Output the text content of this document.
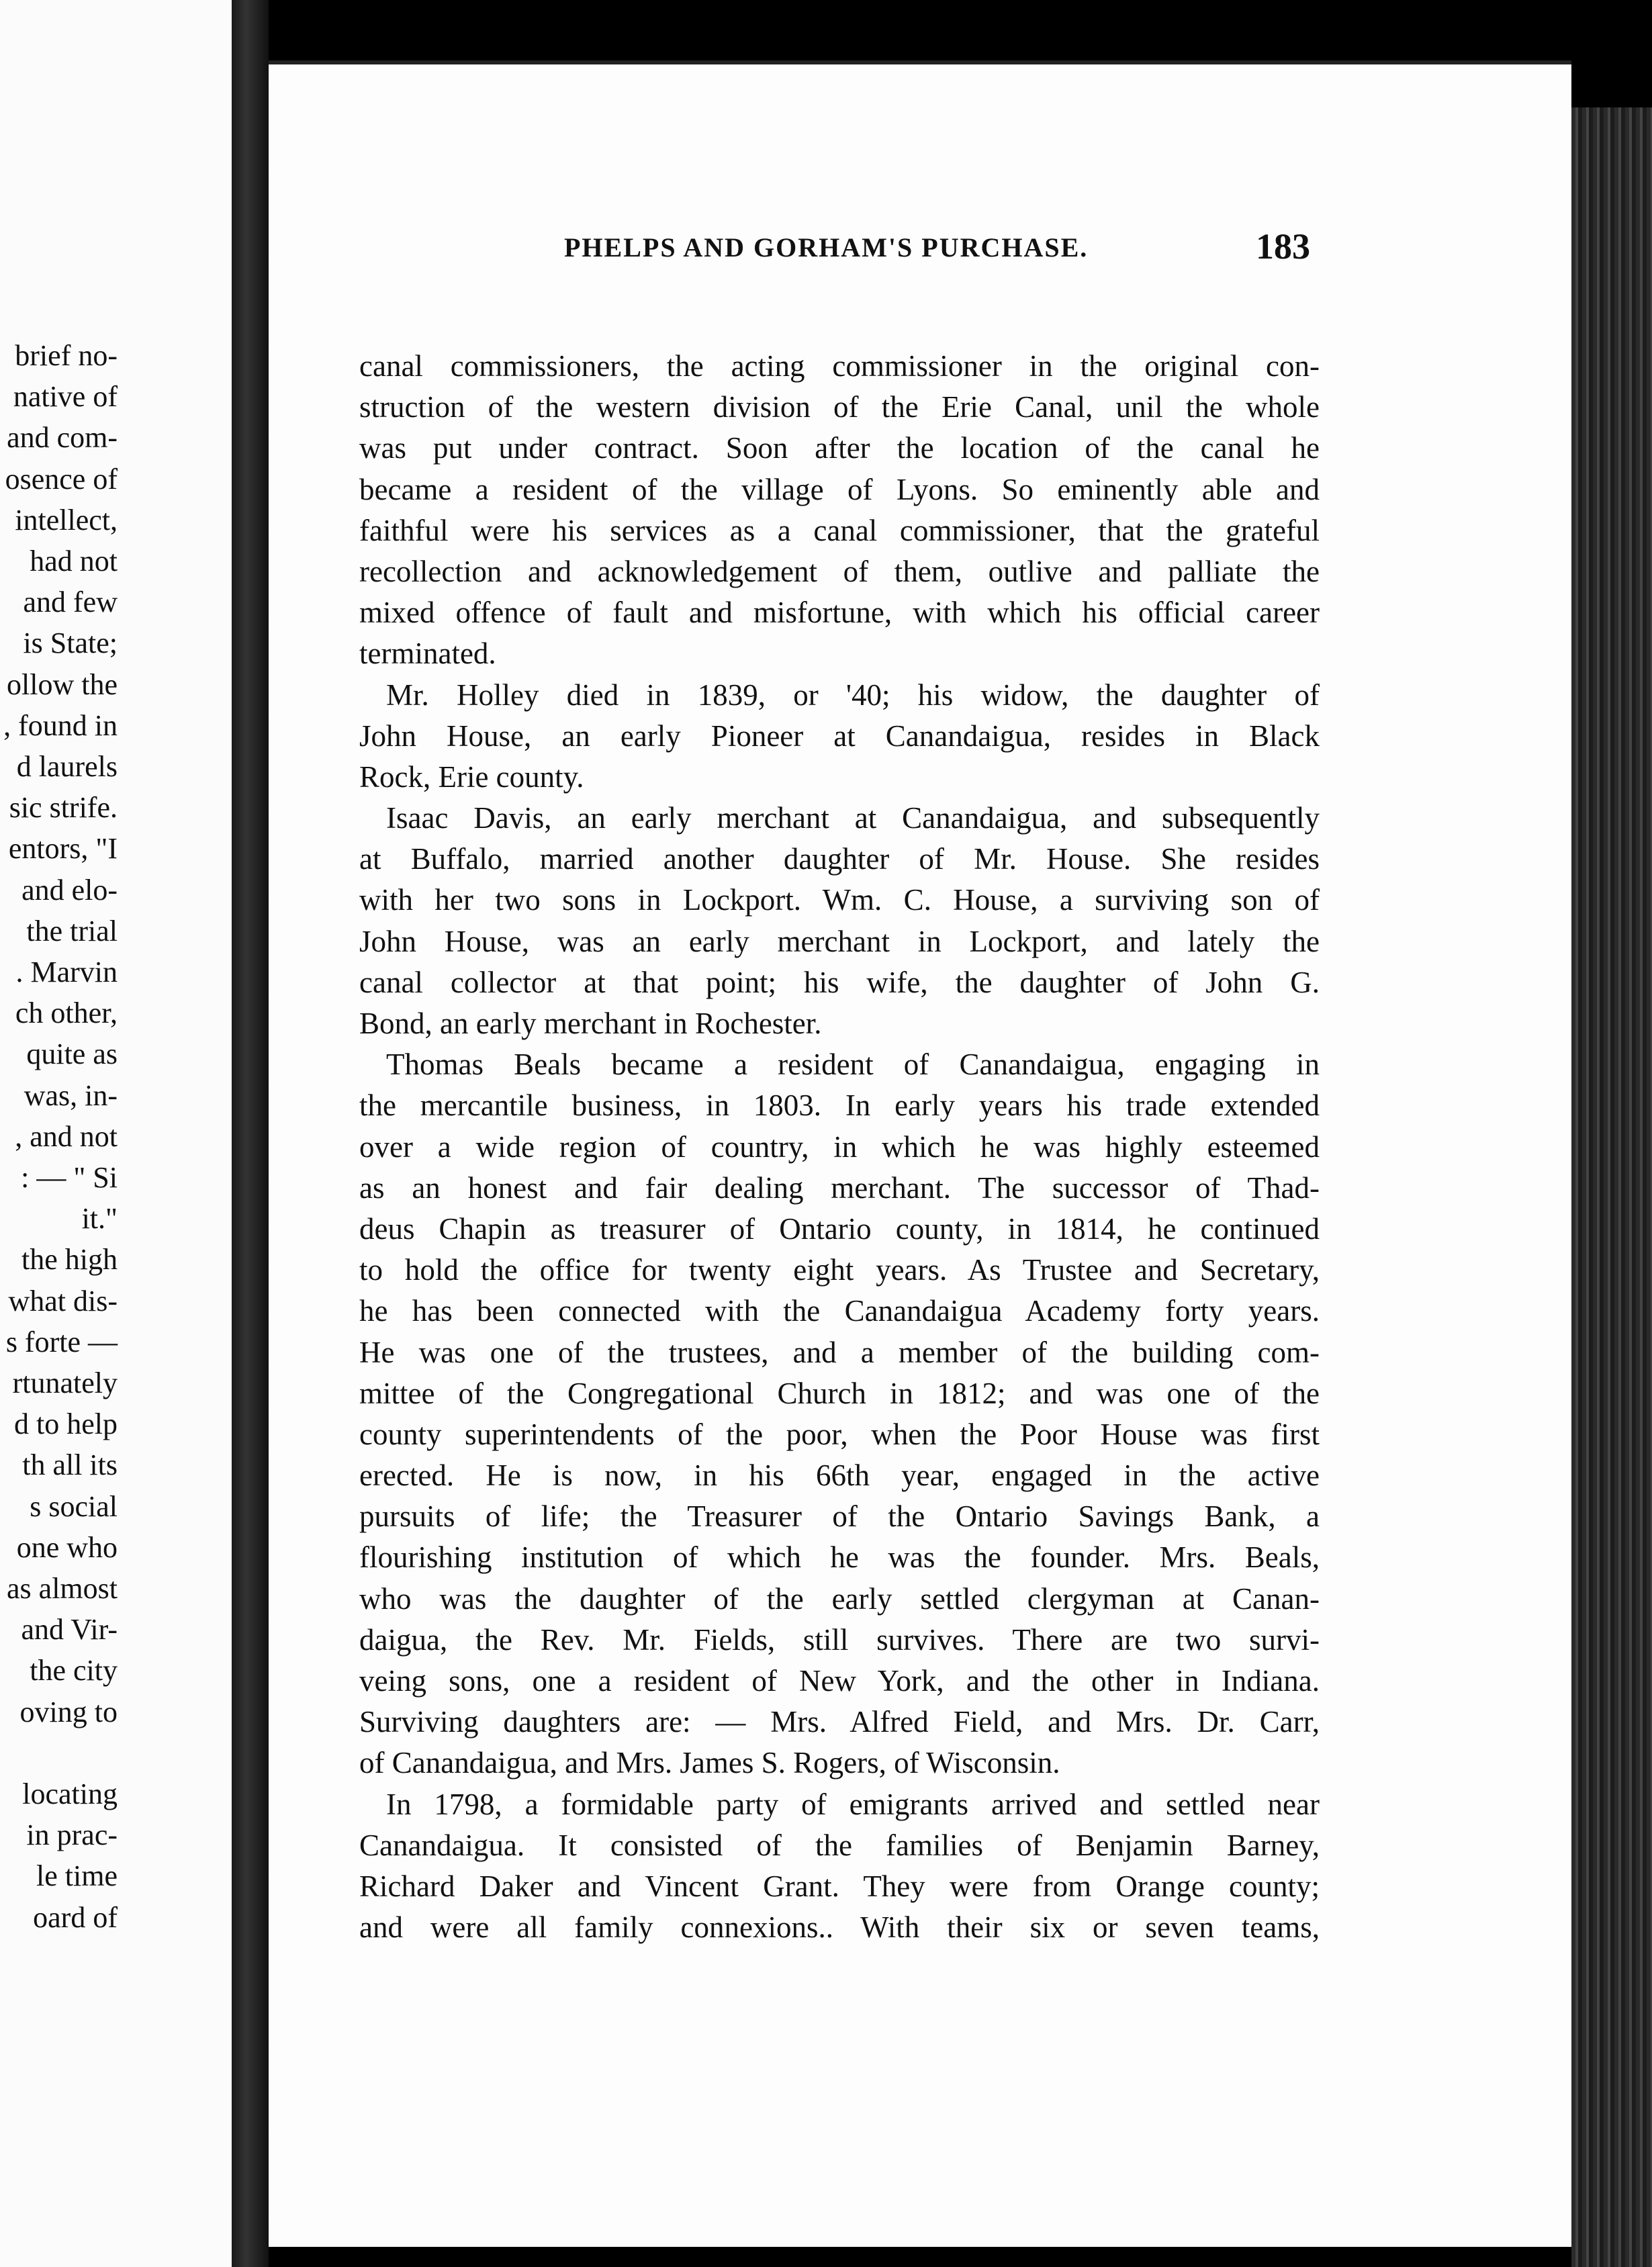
brief no-
native of
and com-
osence of
intellect,
had not
and few
is State;
ollow the
, found in
d laurels
sic strife.
entors, "I
and elo-
the trial
. Marvin
ch other,
quite as
was, in-
, and not
: — " Si
it."
the high
what dis-
s forte —
rtunately
d to help
th all its
s social
one who
as almost
and Vir-
the city
oving to
locating
in prac-
le time
oard of
PHELPS AND GORHAM'S PURCHASE.	183
canal commissioners, the acting commissioner in the original con-
struction of the western division of the Erie Canal, unil the whole
was put under contract. Soon after the location of the canal he
became a resident of the village of Lyons. So eminently able and
faithful were his services as a canal commissioner, that the grateful
recollection and acknowledgement of them, outlive and palliate the
mixed offence of fault and misfortune, with which his official career
terminated.
Mr. Holley died in 1839, or '40; his widow, the daughter of
John House, an early Pioneer at Canandaigua, resides in Black
Rock, Erie county.
Isaac Davis, an early merchant at Canandaigua, and subsequently
at Buffalo, married another daughter of Mr. House. She resides
with her two sons in Lockport. Wm. C. House, a surviving son of
John House, was an early merchant in Lockport, and lately the
canal collector at that point; his wife, the daughter of John G.
Bond, an early merchant in Rochester.
Thomas Beals became a resident of Canandaigua, engaging in
the mercantile business, in 1803. In early years his trade extended
over a wide region of country, in which he was highly esteemed
as an honest and fair dealing merchant. The successor of Thad-
deus Chapin as treasurer of Ontario county, in 1814, he continued
to hold the office for twenty eight years. As Trustee and Secretary,
he has been connected with the Canandaigua Academy forty years.
He was one of the trustees, and a member of the building com-
mittee of the Congregational Church in 1812; and was one of the
county superintendents of the poor, when the Poor House was first
erected. He is now, in his 66th year, engaged in the active
pursuits of life; the Treasurer of the Ontario Savings Bank, a
flourishing institution of which he was the founder. Mrs. Beals,
who was the daughter of the early settled clergyman at Canan-
daigua, the Rev. Mr. Fields, still survives. There are two survi-
veing sons, one a resident of New York, and the other in Indiana.
Surviving daughters are: — Mrs. Alfred Field, and Mrs. Dr. Carr,
of Canandaigua, and Mrs. James S. Rogers, of Wisconsin.
In 1798, a formidable party of emigrants arrived and settled near
Canandaigua. It consisted of the families of Benjamin Barney,
Richard Daker and Vincent Grant. They were from Orange county;
and were all family connexions.. With their six or seven teams,
